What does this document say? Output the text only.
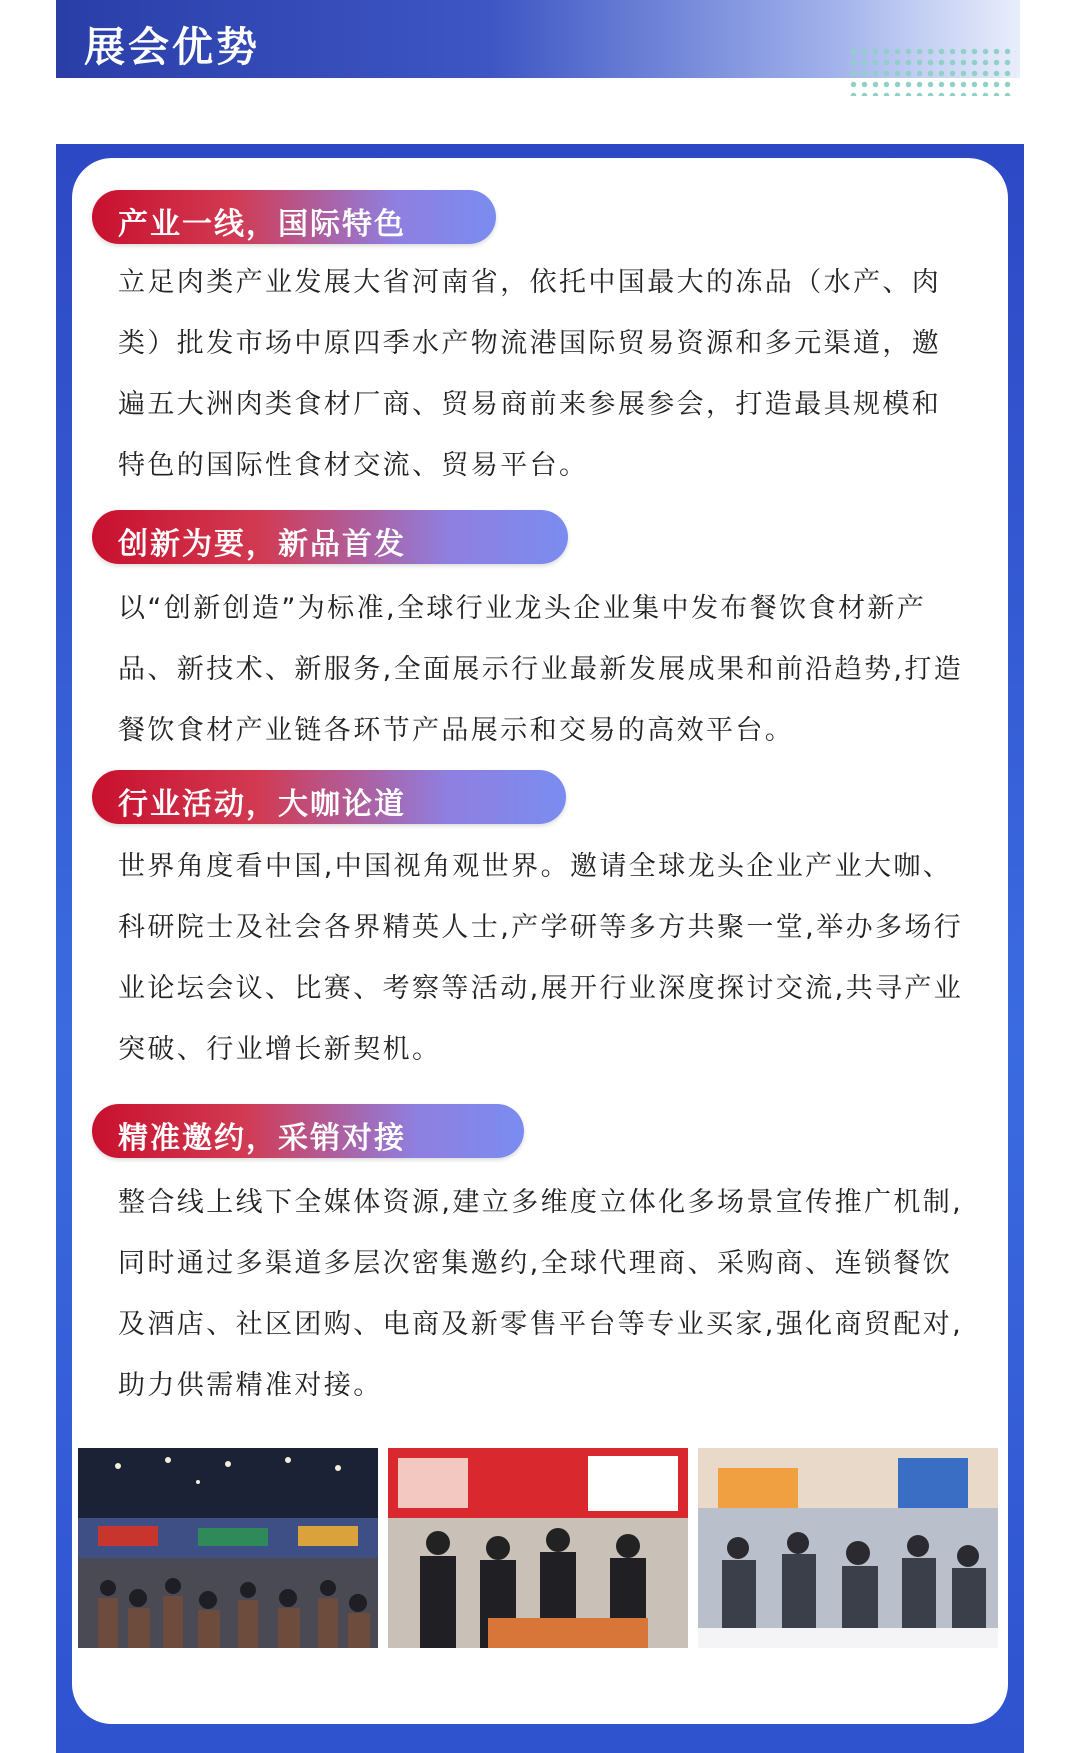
展会优势
产业一线，国际特色
立足肉类产业发展大省河南省，依托中国最大的冻品（水产、肉类）批发市场中原四季水产物流港国际贸易资源和多元渠道，邀遍五大洲肉类食材厂商、贸易商前来参展参会，打造最具规模和特色的国际性食材交流、贸易平台。
创新为要，新品首发
以“创新创造”为标准,全球行业龙头企业集中发布餐饮食材新产品、新技术、新服务,全面展示行业最新发展成果和前沿趋势,打造餐饮食材产业链各环节产品展示和交易的高效平台。
行业活动，大咖论道
世界角度看中国,中国视角观世界。邀请全球龙头企业产业大咖、科研院士及社会各界精英人士,产学研等多方共聚一堂,举办多场行业论坛会议、比赛、考察等活动,展开行业深度探讨交流,共寻产业突破、行业增长新契机。
精准邀约，采销对接
整合线上线下全媒体资源,建立多维度立体化多场景宣传推广机制,同时通过多渠道多层次密集邀约,全球代理商、采购商、连锁餐饮及酒店、社区团购、电商及新零售平台等专业买家,强化商贸配对,助力供需精准对接。
